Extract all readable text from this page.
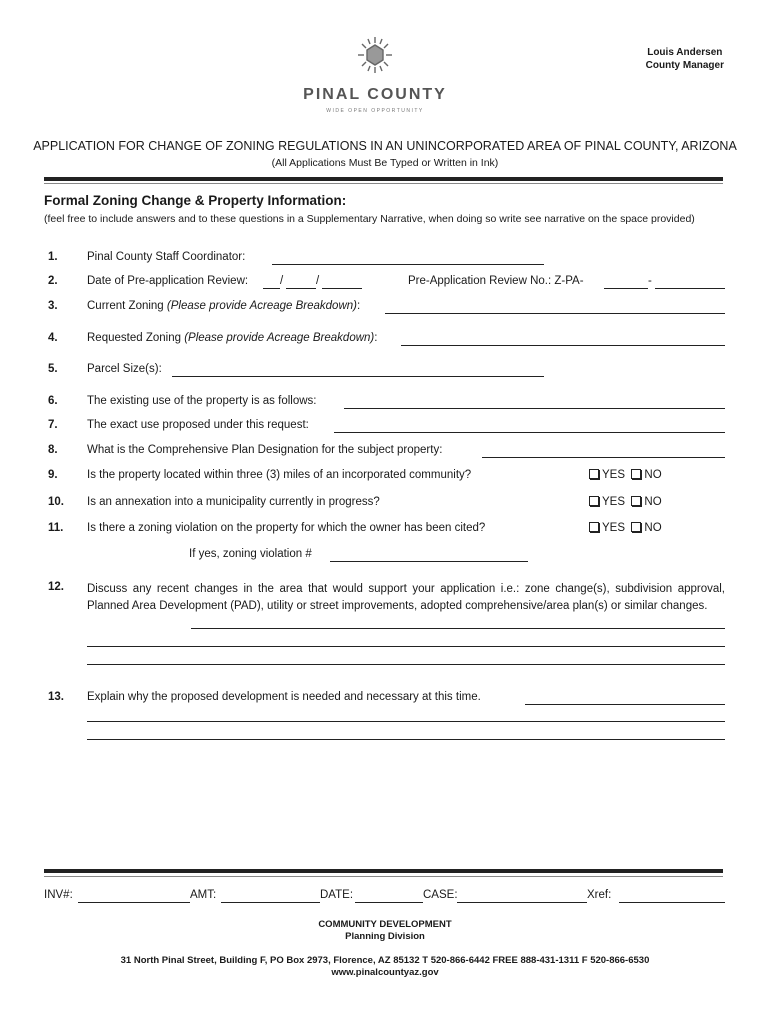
Louis Andersen
County Manager
PINAL COUNTY
WIDE OPEN OPPORTUNITY
APPLICATION FOR CHANGE OF ZONING REGULATIONS IN AN UNINCORPORATED AREA OF PINAL COUNTY, ARIZONA
(All Applications Must Be Typed or Written in Ink)
Formal Zoning Change & Property Information:
(feel free to include answers and to these questions in a Supplementary Narrative, when doing so write see narrative on the space provided)
1.	Pinal County Staff Coordinator:
2.	Date of Pre-application Review:	/	/	Pre-Application Review No.: Z-PA-	-
3.	Current Zoning (Please provide Acreage Breakdown):
4.	Requested Zoning (Please provide Acreage Breakdown):
5.	Parcel Size(s):
6.	The existing use of the property is as follows:
7.	The exact use proposed under this request:
8.	What is the Comprehensive Plan Designation for the subject property:
9.	Is the property located within three (3) miles of an incorporated community?	YES NO
10. Is an annexation into a municipality currently in progress?	YES NO
11. Is there a zoning violation on the property for which the owner has been cited?	YES NO
If yes, zoning violation #
12. Discuss any recent changes in the area that would support your application i.e.: zone change(s), subdivision approval, Planned Area Development (PAD), utility or street improvements, adopted comprehensive/area plan(s) or similar changes.
13. Explain why the proposed development is needed and necessary at this time.
INV#:	AMT:	DATE:	CASE:	Xref:
COMMUNITY DEVELOPMENT
Planning Division
31 North Pinal Street, Building F, PO Box 2973, Florence, AZ 85132 T 520-866-6442 FREE 888-431-1311 F 520-866-6530
www.pinalcountyaz.gov
